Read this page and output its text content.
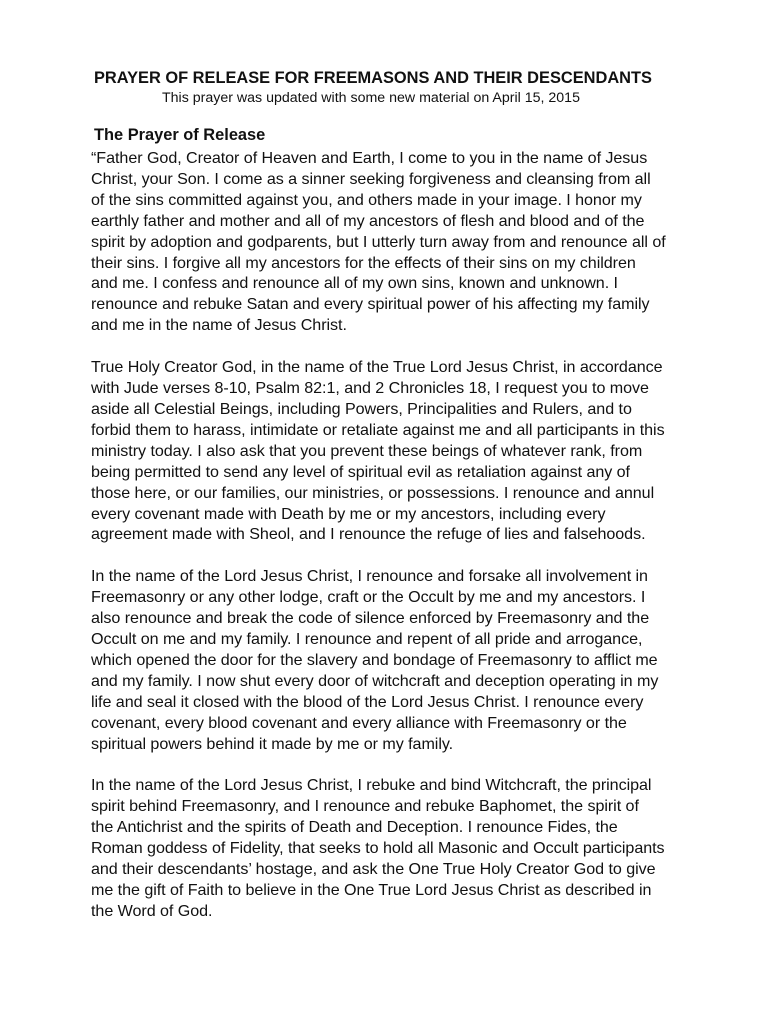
PRAYER OF RELEASE FOR FREEMASONS AND THEIR DESCENDANTS
This prayer was updated with some new material on April 15, 2015
The Prayer of Release
“Father God, Creator of Heaven and Earth, I come to you in the name of Jesus
Christ, your Son. I come as a sinner seeking forgiveness and cleansing from all
of the sins committed against you, and others made in your image. I honor my
earthly father and mother and all of my ancestors of flesh and blood and of the
spirit by adoption and godparents, but I utterly turn away from and renounce all of
their sins. I forgive all my ancestors for the effects of their sins on my children
and me. I confess and renounce all of my own sins, known and unknown. I
renounce and rebuke Satan and every spiritual power of his affecting my family
and me in the name of Jesus Christ.
True Holy Creator God, in the name of the True Lord Jesus Christ, in accordance
with Jude verses 8-10, Psalm 82:1, and 2 Chronicles 18, I request you to move
aside all Celestial Beings, including Powers, Principalities and Rulers, and to
forbid them to harass, intimidate or retaliate against me and all participants in this
ministry today. I also ask that you prevent these beings of whatever rank, from
being permitted to send any level of spiritual evil as retaliation against any of
those here, or our families, our ministries, or possessions. I renounce and annul
every covenant made with Death by me or my ancestors, including every
agreement made with Sheol, and I renounce the refuge of lies and falsehoods.
In the name of the Lord Jesus Christ, I renounce and forsake all involvement in
Freemasonry or any other lodge, craft or the Occult by me and my ancestors. I
also renounce and break the code of silence enforced by Freemasonry and the
Occult on me and my family. I renounce and repent of all pride and arrogance,
which opened the door for the slavery and bondage of Freemasonry to afflict me
and my family. I now shut every door of witchcraft and deception operating in my
life and seal it closed with the blood of the Lord Jesus Christ. I renounce every
covenant, every blood covenant and every alliance with Freemasonry or the
spiritual powers behind it made by me or my family.
In the name of the Lord Jesus Christ, I rebuke and bind Witchcraft, the principal
spirit behind Freemasonry, and I renounce and rebuke Baphomet, the spirit of
the Antichrist and the spirits of Death and Deception. I renounce Fides, the
Roman goddess of Fidelity, that seeks to hold all Masonic and Occult participants
and their descendants’ hostage, and ask the One True Holy Creator God to give
me the gift of Faith to believe in the One True Lord Jesus Christ as described in
the Word of God.
